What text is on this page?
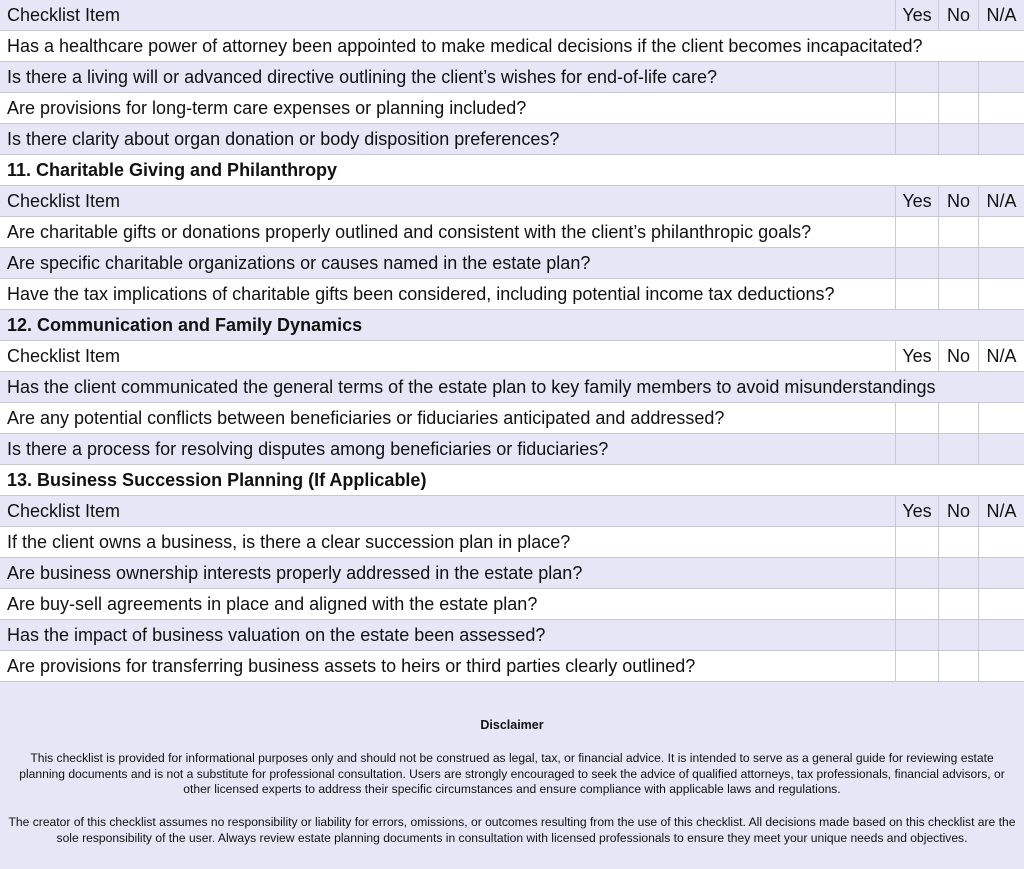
Checklist Item	Yes No N/A
Has a healthcare power of attorney been appointed to make medical decisions if the client becomes incapacitated?
Is there a living will or advanced directive outlining the client’s wishes for end-of-life care?
Are provisions for long-term care expenses or planning included?
Is there clarity about organ donation or body disposition preferences?
11. Charitable Giving and Philanthropy
Checklist Item	Yes No N/A
Are charitable gifts or donations properly outlined and consistent with the client’s philanthropic goals?
Are specific charitable organizations or causes named in the estate plan?
Have the tax implications of charitable gifts been considered, including potential income tax deductions?
12. Communication and Family Dynamics
Checklist Item	Yes No N/A
Has the client communicated the general terms of the estate plan to key family members to avoid misunderstandings
Are any potential conflicts between beneficiaries or fiduciaries anticipated and addressed?
Is there a process for resolving disputes among beneficiaries or fiduciaries?
13. Business Succession Planning (If Applicable)
Checklist Item	Yes No N/A
If the client owns a business, is there a clear succession plan in place?
Are business ownership interests properly addressed in the estate plan?
Are buy-sell agreements in place and aligned with the estate plan?
Has the impact of business valuation on the estate been assessed?
Are provisions for transferring business assets to heirs or third parties clearly outlined?
Disclaimer
This checklist is provided for informational purposes only and should not be construed as legal, tax, or financial advice. It is intended to serve as a general guide for reviewing estate planning documents and is not a substitute for professional consultation. Users are strongly encouraged to seek the advice of qualified attorneys, tax professionals, financial advisors, or other licensed experts to address their specific circumstances and ensure compliance with applicable laws and regulations.
The creator of this checklist assumes no responsibility or liability for errors, omissions, or outcomes resulting from the use of this checklist. All decisions made based on this checklist are the sole responsibility of the user. Always review estate planning documents in consultation with licensed professionals to ensure they meet your unique needs and objectives.
